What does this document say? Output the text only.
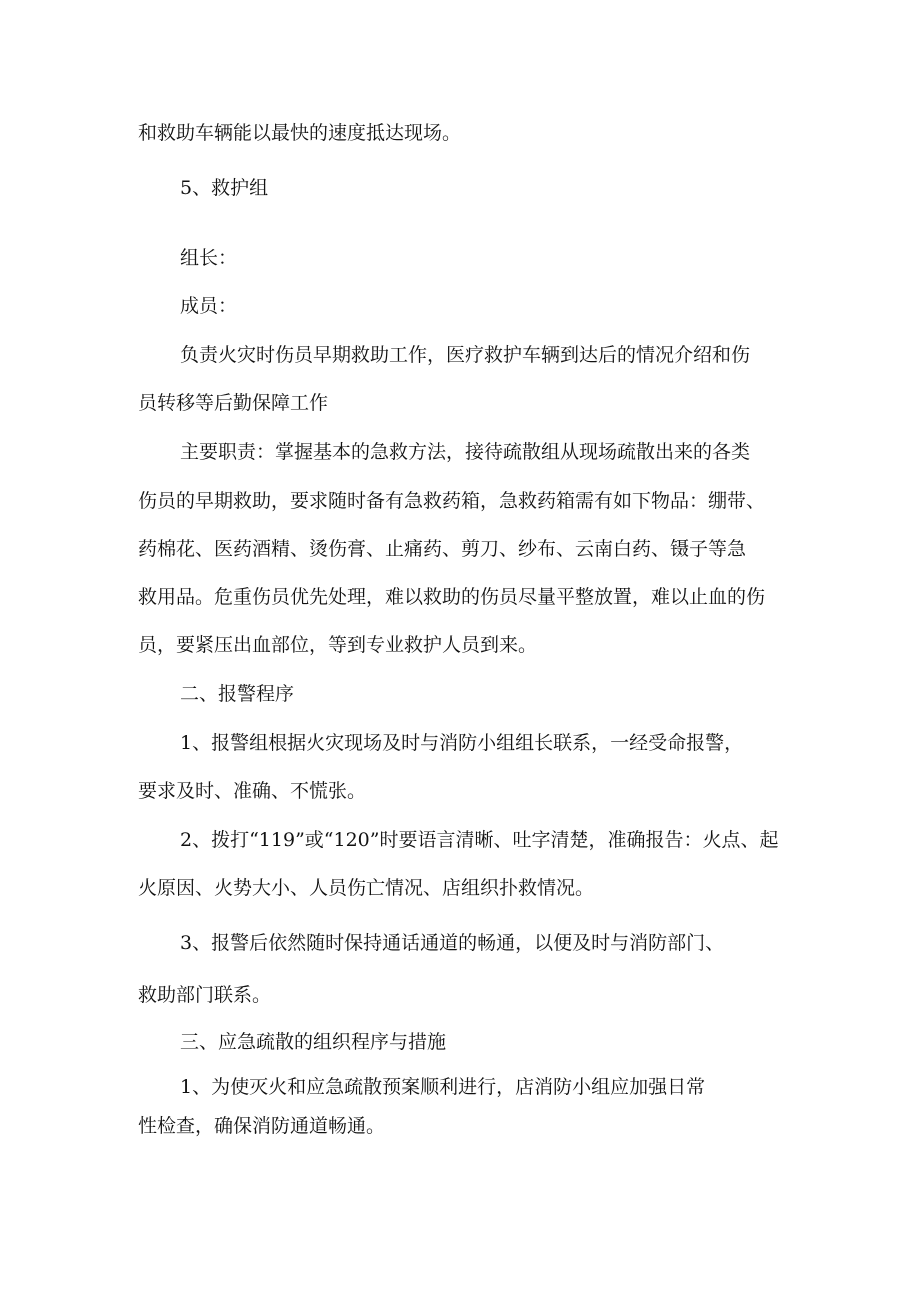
和救助车辆能以最快的速度抵达现场。

5、救护组

组长：

成员：

负责火灾时伤员早期救助工作，医疗救护车辆到达后的情况介绍和伤

员转移等后勤保障工作

主要职责：掌握基本的急救方法，接待疏散组从现场疏散出来的各类

伤员的早期救助，要求随时备有急救药箱，急救药箱需有如下物品：绷带、

药棉花、医药酒精、烫伤膏、止痛药、剪刀、纱布、云南白药、镊子等急

救用品。危重伤员优先处理，难以救助的伤员尽量平整放置，难以止血的伤

员，要紧压出血部位，等到专业救护人员到来。

二、报警程序

1、报警组根据火灾现场及时与消防小组组长联系，一经受命报警，

要求及时、准确、不慌张。

2、拨打“119”或“120”时要语言清晰、吐字清楚，准确报告：火点、起

火原因、火势大小、人员伤亡情况、店组织扑救情况。

3、报警后依然随时保持通话通道的畅通，以便及时与消防部门、

救助部门联系。

三、应急疏散的组织程序与措施

1、为使灭火和应急疏散预案顺利进行，店消防小组应加强日常

性检查，确保消防通道畅通。
